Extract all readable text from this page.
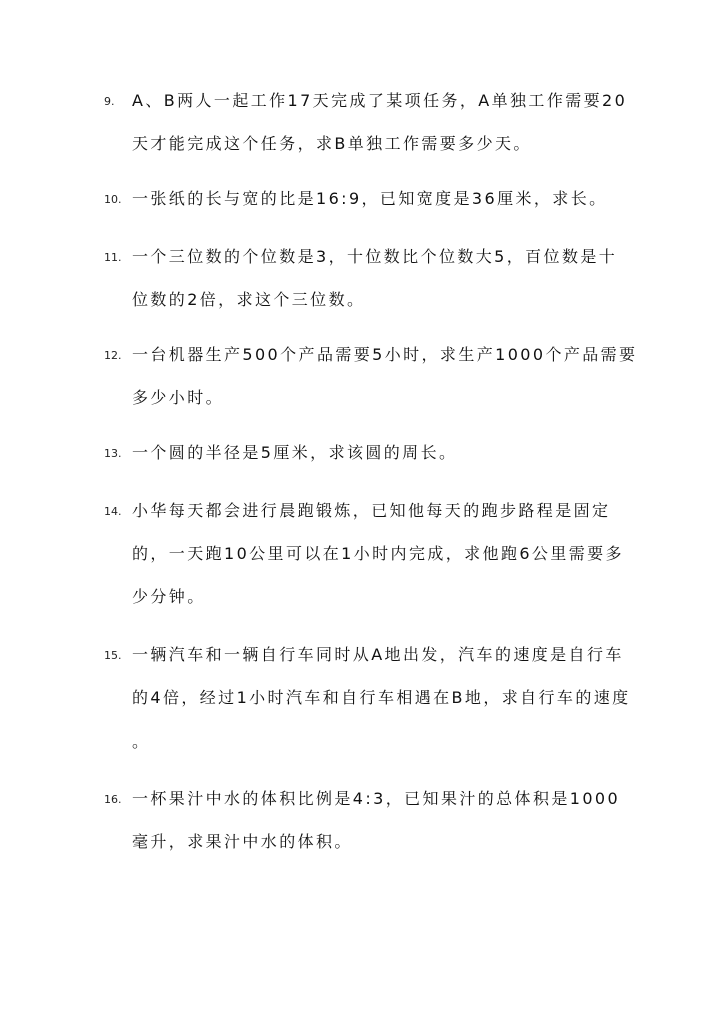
9. A、B两人一起工作17天完成了某项任务，A单独工作需要20
天才能完成这个任务，求B单独工作需要多少天。
10. 一张纸的长与宽的比是16:9，已知宽度是36厘米，求长。
11. 一个三位数的个位数是3，十位数比个位数大5，百位数是十
位数的2倍，求这个三位数。
12. 一台机器生产500个产品需要5小时，求生产1000个产品需要
多少小时。
13. 一个圆的半径是5厘米，求该圆的周长。
14. 小华每天都会进行晨跑锻炼，已知他每天的跑步路程是固定
的，一天跑10公里可以在1小时内完成，求他跑6公里需要多
少分钟。
15. 一辆汽车和一辆自行车同时从A地出发，汽车的速度是自行车
的4倍，经过1小时汽车和自行车相遇在B地，求自行车的速度
。
16. 一杯果汁中水的体积比例是4:3，已知果汁的总体积是1000
毫升，求果汁中水的体积。
